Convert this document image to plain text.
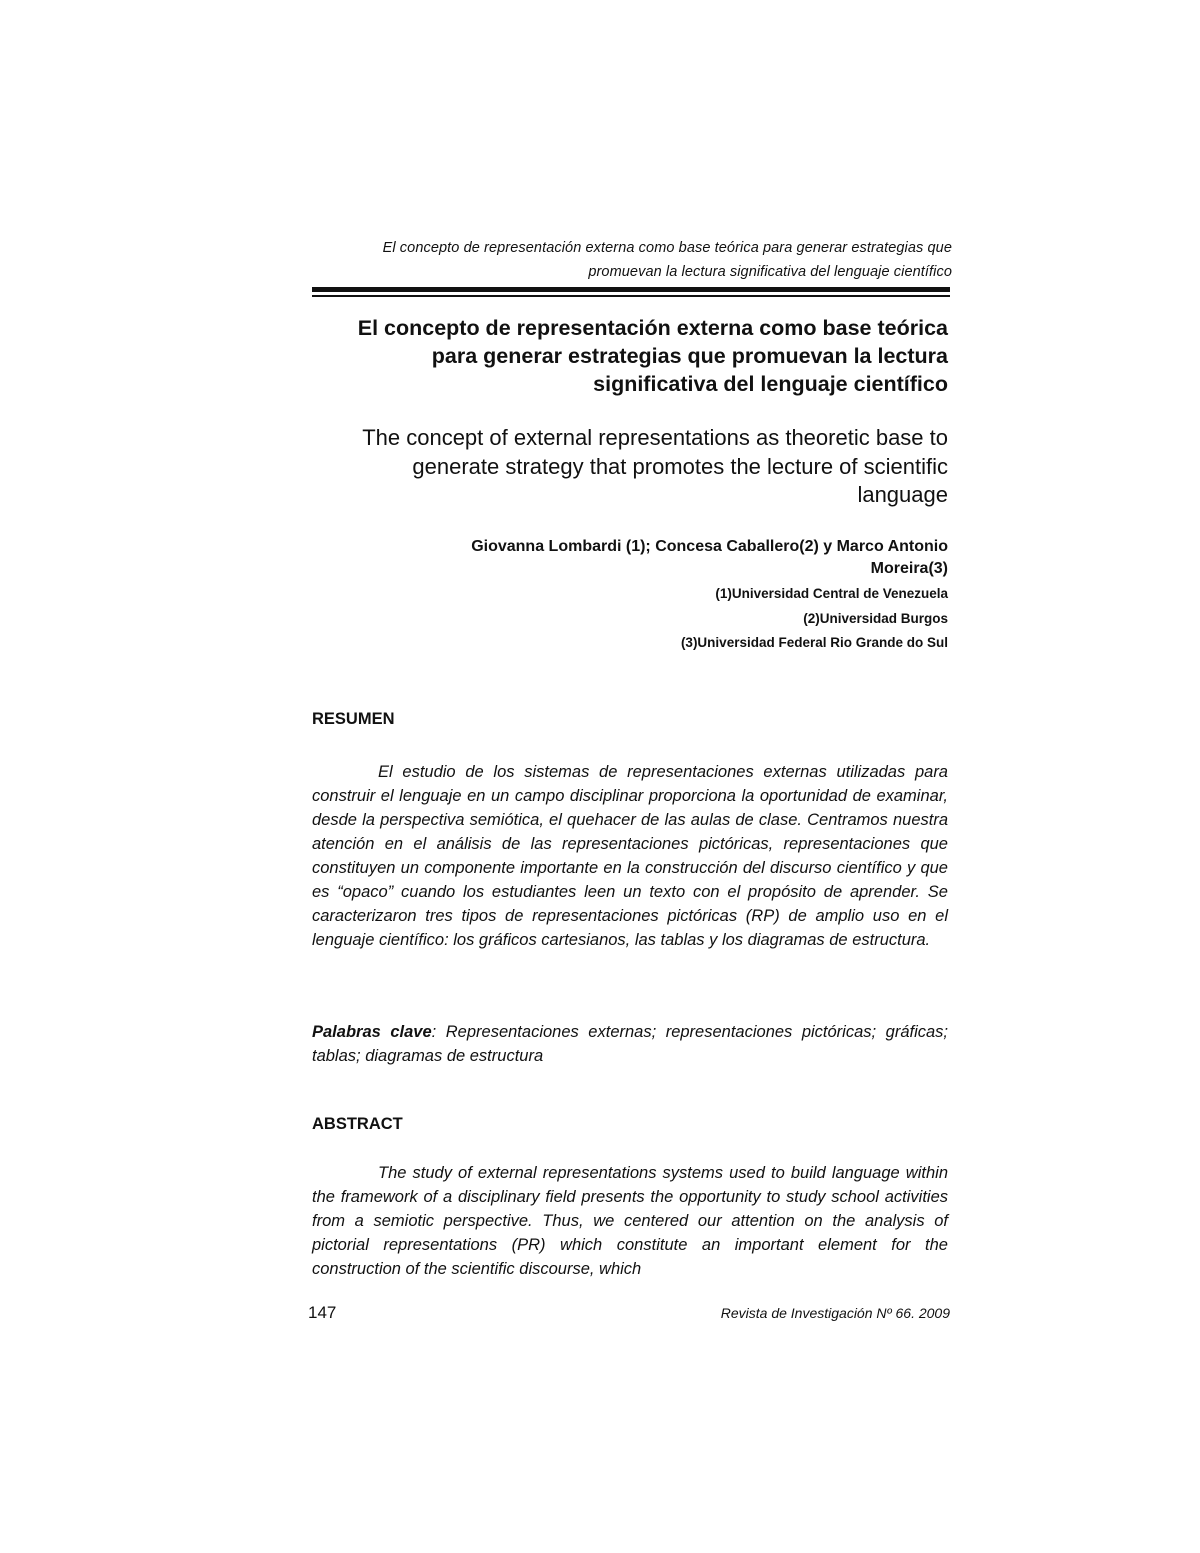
El concepto de representación externa como base teórica para generar estrategias que
promuevan la lectura significativa del lenguaje científico
El concepto de representación externa como base teórica para generar estrategias que promuevan la lectura significativa del lenguaje científico
The concept of external representations as theoretic base to generate strategy that promotes the lecture of scientific language
Giovanna Lombardi (1); Concesa Caballero(2) y Marco Antonio Moreira(3)
(1)Universidad Central de Venezuela
(2)Universidad Burgos
(3)Universidad Federal Rio Grande do Sul
RESUMEN
El estudio de los sistemas de representaciones externas utilizadas para construir el lenguaje en un campo disciplinar proporciona la oportunidad de examinar, desde la perspectiva semiótica, el quehacer de las aulas de clase. Centramos nuestra atención en el análisis de las representaciones pictóricas, representaciones que constituyen un componente importante en la construcción del discurso científico y que es “opaco” cuando los estudiantes leen un texto con el propósito de aprender. Se caracterizaron tres tipos de representaciones pictóricas (RP) de amplio uso en el lenguaje científico: los gráficos cartesianos, las tablas y los diagramas de estructura.
Palabras clave: Representaciones externas; representaciones pictóricas; gráficas; tablas; diagramas de estructura
ABSTRACT
The study of external representations systems used to build language within the framework of a disciplinary field presents the opportunity to study school activities from a semiotic perspective. Thus, we centered our attention on the analysis of pictorial representations (PR) which constitute an important element for the construction of the scientific discourse, which
147	Revista de Investigación Nº 66. 2009
